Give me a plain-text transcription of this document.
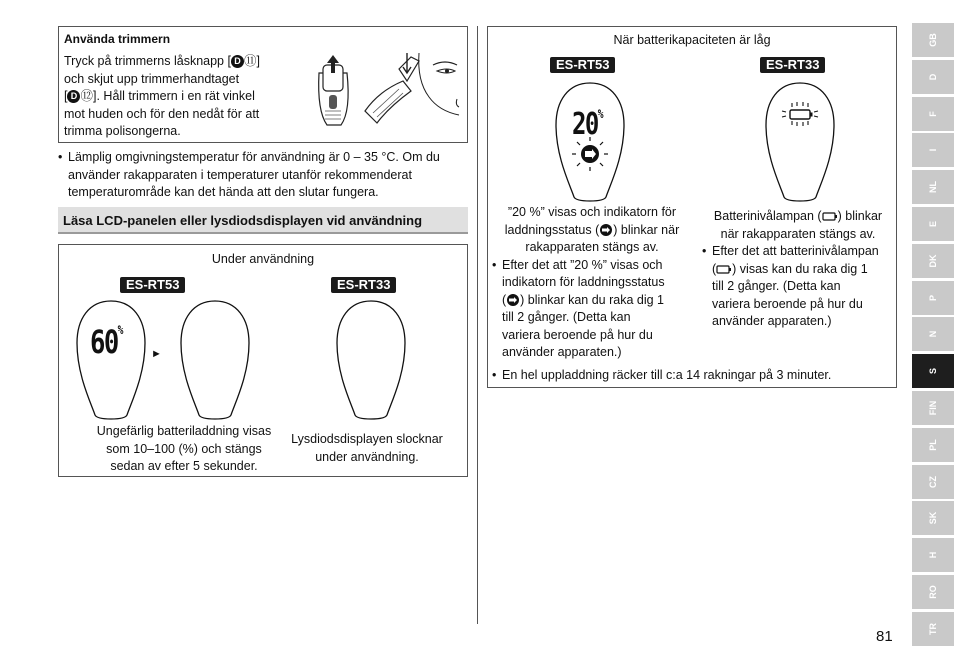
Använda trimmern
Tryck på trimmerns låsknapp [ D ⑪]
och skjut upp trimmerhandtaget
[ D ⑫]. Håll trimmern i en rät vinkel
mot huden och för den nedåt för att
trimma polisongerna.
• Lämplig omgivningstemperatur för användning är 0 – 35 °C. Om du
använder rakapparaten i temperaturer utanför rekommenderat
temperaturområde kan det hända att den slutar fungera.
Läsa LCD-panelen eller lysdiodsdisplayen vid användning
Under användning
ES-RT53	ES-RT33
60%
►
Ungefärlig batteriladdning visas
som 10–100 (%) och stängs
sedan av efter 5 sekunder.
Lysdiodsdisplayen slocknar
under användning.
När batterikapaciteten är låg
ES-RT53	ES-RT33
20%
”20 %” visas och indikatorn för
laddningsstatus ( ) blinkar när
rakapparaten stängs av.
• Efter det att ”20 %” visas och
indikatorn för laddningsstatus
( ) blinkar kan du raka dig 1
till 2 gånger. (Detta kan
variera beroende på hur du
använder apparaten.)
Batterinivålampan ( ) blinkar
när rakapparaten stängs av.
• Efter det att batterinivålampan
( ) visas kan du raka dig 1
till 2 gånger. (Detta kan
variera beroende på hur du
använder apparaten.)
• En hel uppladdning räcker till c:a 14 rakningar på 3 minuter.
81
GB
D
F
I
NL
E
DK
P
N
S
FIN
PL
CZ
SK
H
RO
TR
